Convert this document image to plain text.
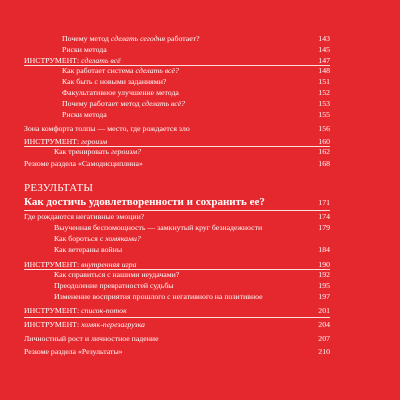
Почему метод сделать сегодня работает?	143
Риски метода	145
ИНСТРУМЕНТ: сделать всё	147
Как работает система сделать всё?	148
Как быть с новыми заданиями?	151
Факультативное улучшение метода	152
Почему работает метод сделать всё?	153
Риски метода	155
Зона комфорта толпы — место, где рождается зло	156
ИНСТРУМЕНТ: героизм	160
Как тренировать героизм?	162
Резюме раздела «Самодисциплина»	168
РЕЗУЛЬТАТЫ
Как достичь удовлетворенности и сохранить ее?	171
Где рождаются негативные эмоции?	174
Выученная беспомощность — замкнутый круг безнадежности	179
Как бороться с хомяками?
Как ветераны войны	184
ИНСТРУМЕНТ: внутренняя игра	190
Как справиться с нашими неудачами?	192
Преодоление превратностей судьбы	195
Изменение восприятия прошлого с негативного на позитивное	197
ИНСТРУМЕНТ: список-поток	201
ИНСТРУМЕНТ: хомяк-перезагрузка	204
Личностный рост и личностное падение	207
Резюме раздела «Результаты»	210
